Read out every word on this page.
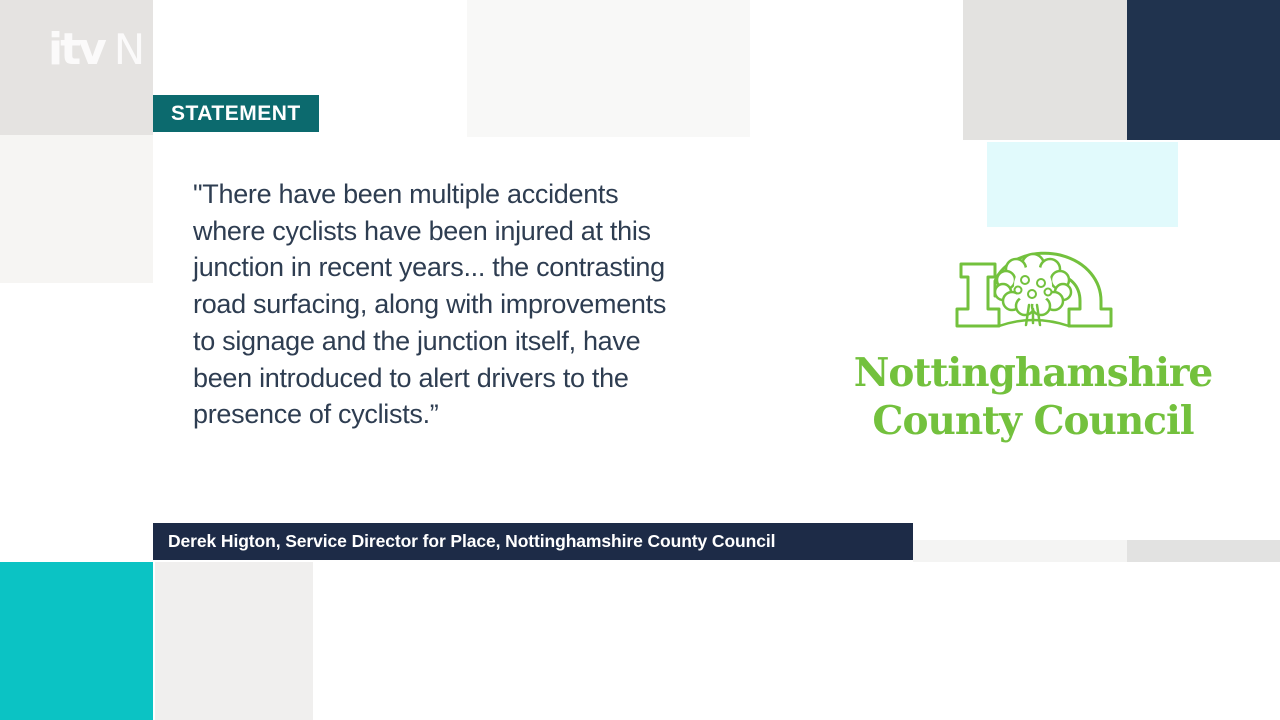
itv N
STATEMENT
"There have been multiple accidents
where cyclists have been injured at this
junction in recent years... the contrasting
road surfacing, along with improvements
to signage and the junction itself, have
been introduced to alert drivers to the
presence of cyclists.”
Nottinghamshire
County Council
Derek Higton, Service Director for Place, Nottinghamshire County Council
